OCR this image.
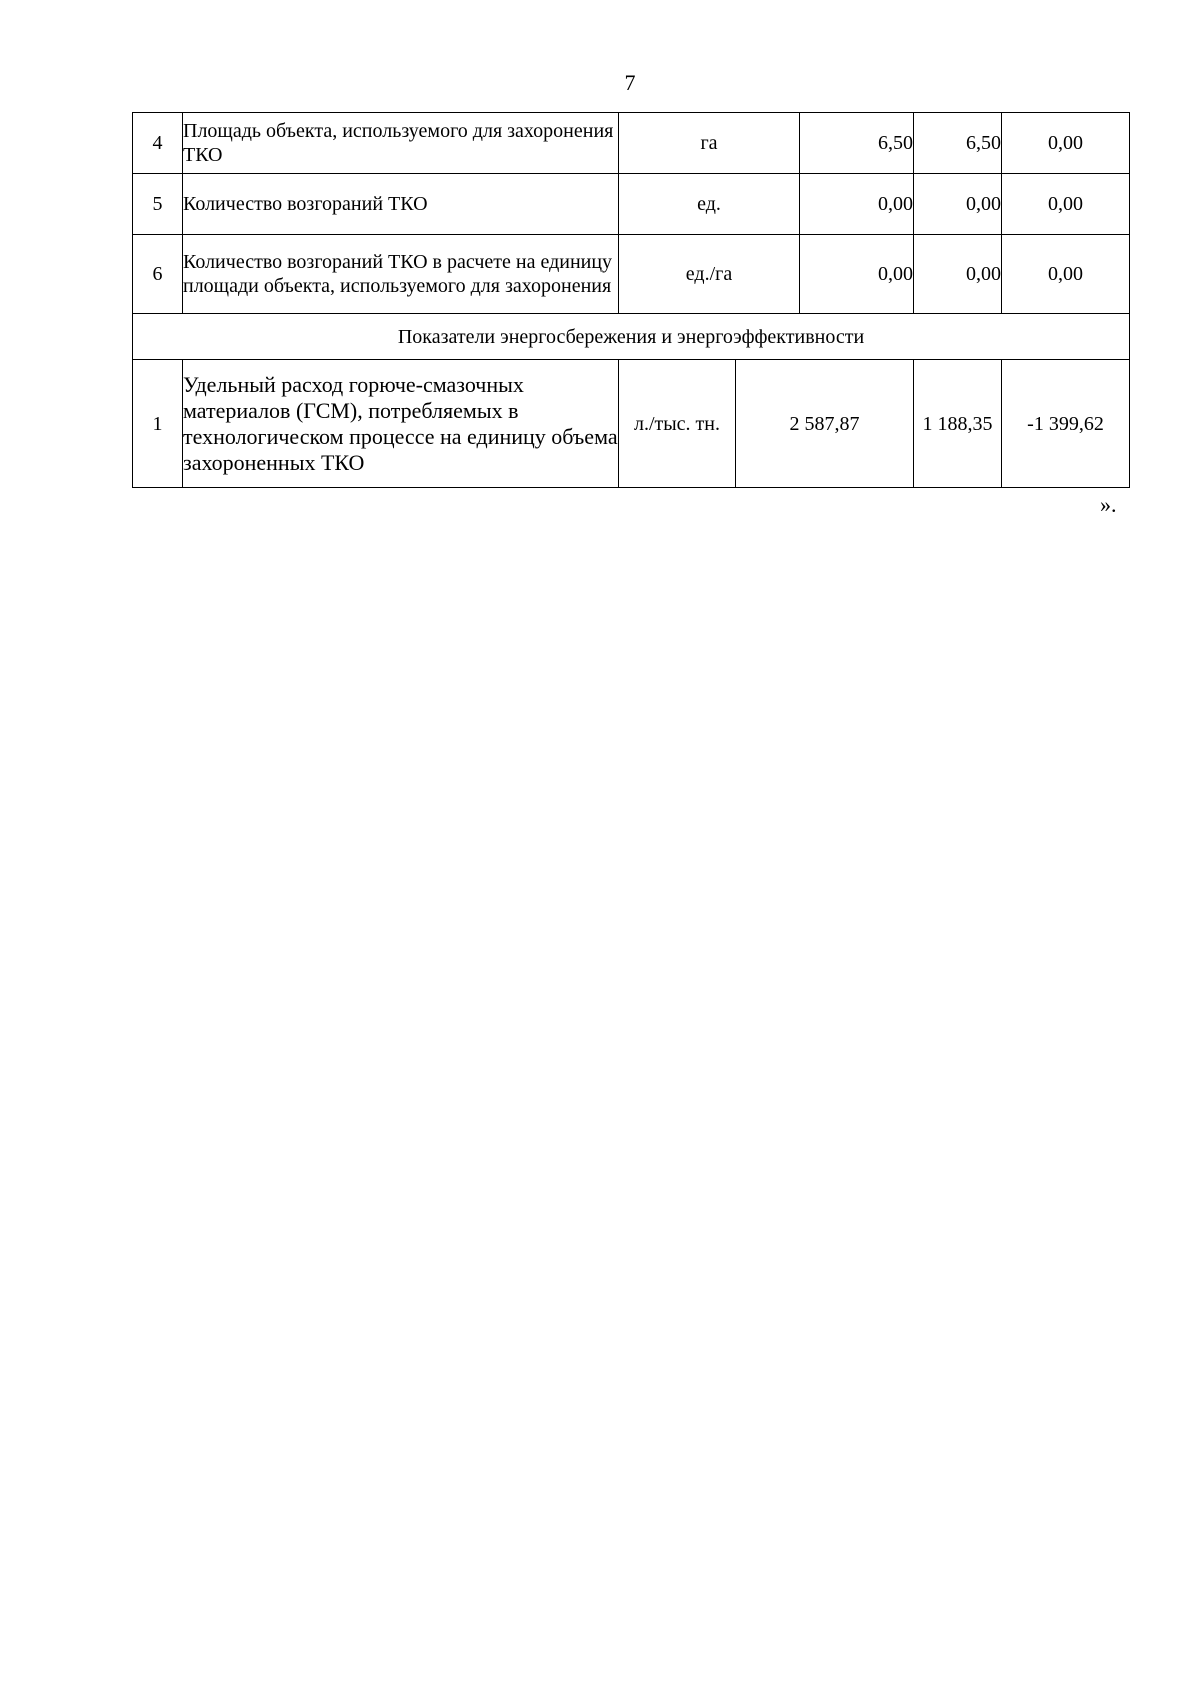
7
4	Площадь объекта, используемого для захоронения ТКО	га		6,50	6,50	0,00
5	Количество возгораний ТКО	ед.		0,00	0,00	0,00
6	Количество возгораний ТКО в расчете на единицу площади объекта, используемого для захоронения	ед./га		0,00	0,00	0,00
Показатели энергосбережения и энергоэффективности						
1	Удельный расход горюче-смазочных материалов (ГСМ), потребляемых в технологическом процессе на единицу объема захороненных ТКО	л./тыс. тн.	2 587,87		1 188,35	-1 399,62
».
